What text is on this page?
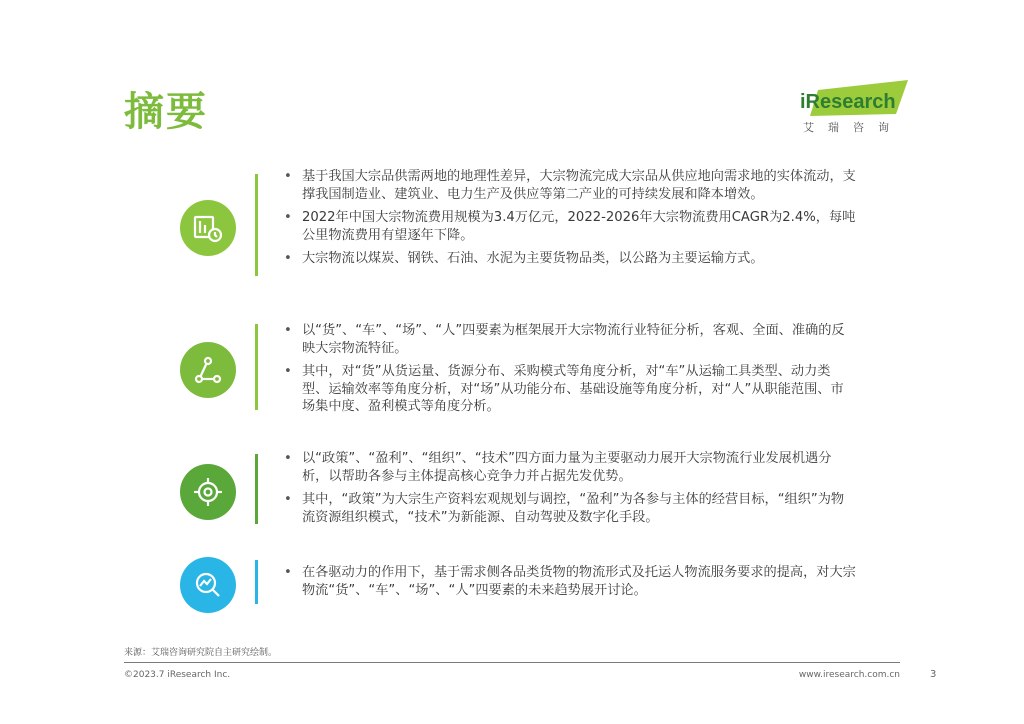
摘要	iResearch
艾瑞咨询
• 基于我国大宗品供需两地的地理性差异，大宗物流完成大宗品从供应地向需求地的实体流动，支撑我国制造业、建筑业、电力生产及供应等第二产业的可持续发展和降本增效。
• 2022年中国大宗物流费用规模为3.4万亿元，2022-2026年大宗物流费用CAGR为2.4%，每吨公里物流费用有望逐年下降。
• 大宗物流以煤炭、钢铁、石油、水泥为主要货物品类，以公路为主要运输方式。
• 以“货”、“车”、“场”、“人”四要素为框架展开大宗物流行业特征分析，客观、全面、准确的反映大宗物流特征。
• 其中，对“货”从货运量、货源分布、采购模式等角度分析，对“车”从运输工具类型、动力类型、运输效率等角度分析，对“场”从功能分布、基础设施等角度分析，对“人”从职能范围、市场集中度、盈利模式等角度分析。
• 以“政策”、“盈利”、“组织”、“技术”四方面力量为主要驱动力展开大宗物流行业发展机遇分析，以帮助各参与主体提高核心竞争力并占据先发优势。
• 其中，“政策”为大宗生产资料宏观规划与调控，“盈利”为各参与主体的经营目标，“组织”为物流资源组织模式，“技术”为新能源、自动驾驶及数字化手段。
• 在各驱动力的作用下，基于需求侧各品类货物的物流形式及托运人物流服务要求的提高，对大宗物流“货”、“车”、“场”、“人”四要素的未来趋势展开讨论。
来源：艾瑞咨询研究院自主研究绘制。
©2023.7 iResearch Inc.	www.iresearch.com.cn	3
